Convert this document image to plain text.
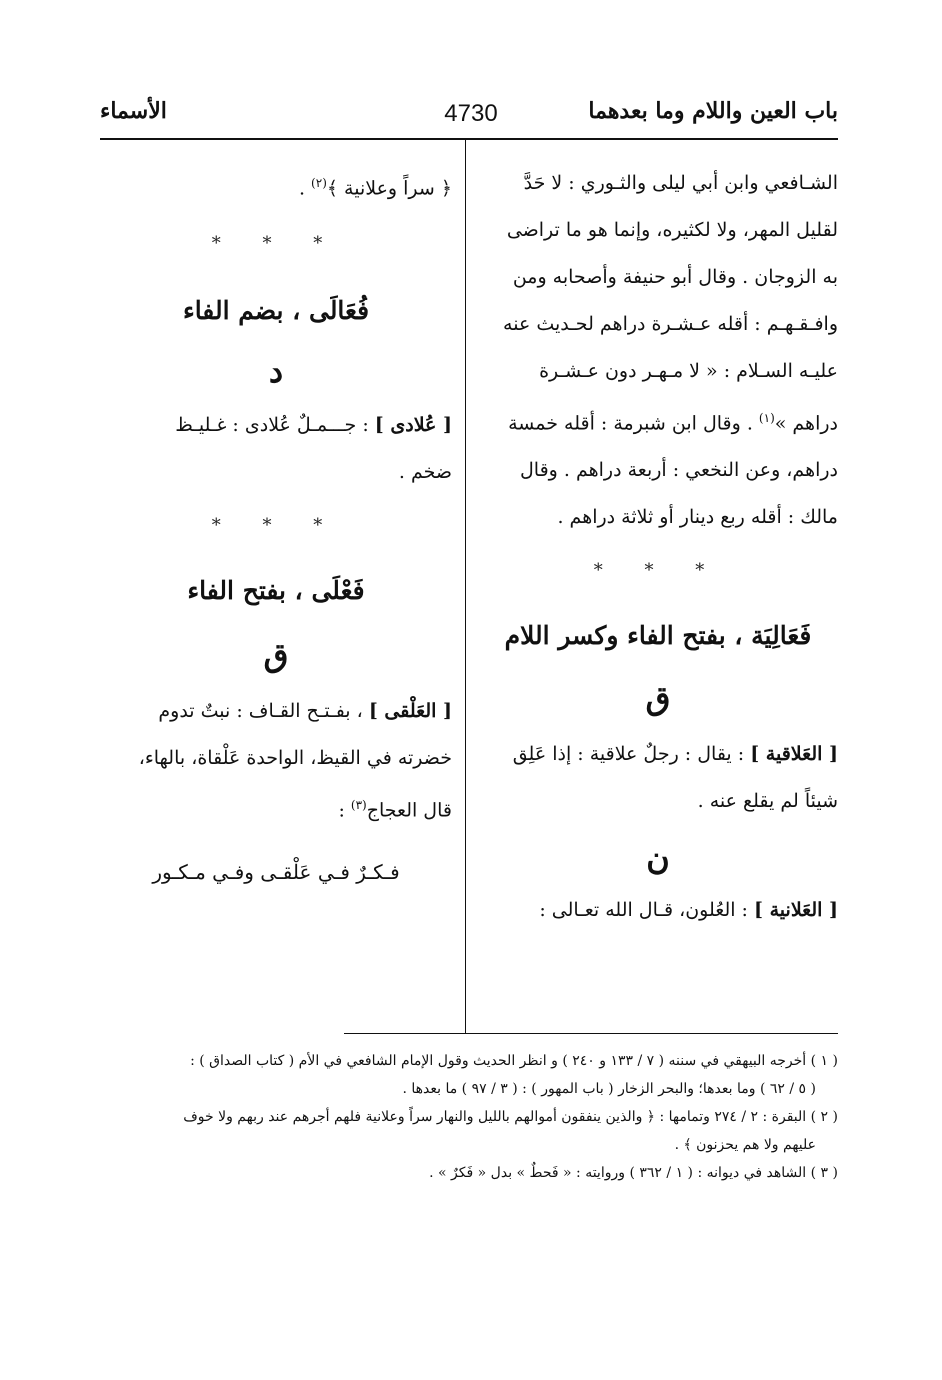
باب العين واللام وما بعدهما
4730
الأسماء

الشـافعي وابن أبي ليلى والثـوري : لا حَدَّ

لقليل المهر، ولا لكثيره، وإنما هو ما تراضى

به الزوجان . وقال أبو حنيفة وأصحابه ومن

وافـقـهـم : أقله عـشـرة دراهم لحـديث عنه

عليـه السـلام : « لا مـهـر دون عـشـرة

دراهم »$^{(١)}$ . وقال ابن شبرمة : أقله خمسة

دراهم، وعن النخعي : أربعة دراهم . وقال

مالك : أقله ربع دينار أو ثلاثة دراهم .

* * *

فَعَالِيَة ، بفتح الفاء وكسر اللام

ق

[ العَلاقية ] : يقال : رجلٌ علاقية : إذا عَلِق

شيئاً لم يقلع عنه .

ن

[ العَلانية ] : العُلون، قـال الله تعـالى :

﴿ سراً وعلانية ﴾$^{(٢)}$ .

* * *

فُعَالَى ، بضم الفاء

د

[ عُلادى ] : جـــمـلٌ عُلادى : غـليـظ

ضخم .

* * *

فَعْلَى ، بفتح الفاء

ق

[ العَلْقى ] ، بفـتـح القـاف : نبتٌ تدوم

خضرته في القيظ، الواحدة عَلْقاة، بالهاء،

قال العجاج$^{(٣)}$ :

فـكـرٌ فـي عَلْقـى وفـي مـكـور

( ١ ) أخرجه البيهقي في سننه ( ٧ / ١٣٣ و ٢٤٠ ) و انظر الحديث وقول الإمام الشافعي في الأم ( كتاب الصداق ) :

( ٥ / ٦٢ ) وما بعدها؛ والبحر الزخار ( باب المهور ) : ( ٣ / ٩٧ ) ما بعدها .

( ٢ ) البقرة : ٢ / ٢٧٤ وتمامها : ﴿ والذين ينفقون أموالهم بالليل والنهار سراً وعلانية فلهم أجرهم عند ربهم ولا خوف

عليهم ولا هم يحزنون ﴾ .

( ٣ ) الشاهد في ديوانه : ( ١ / ٣٦٢ ) وروايته : « فَحطٌ » بدل « فَكرٌ » .
